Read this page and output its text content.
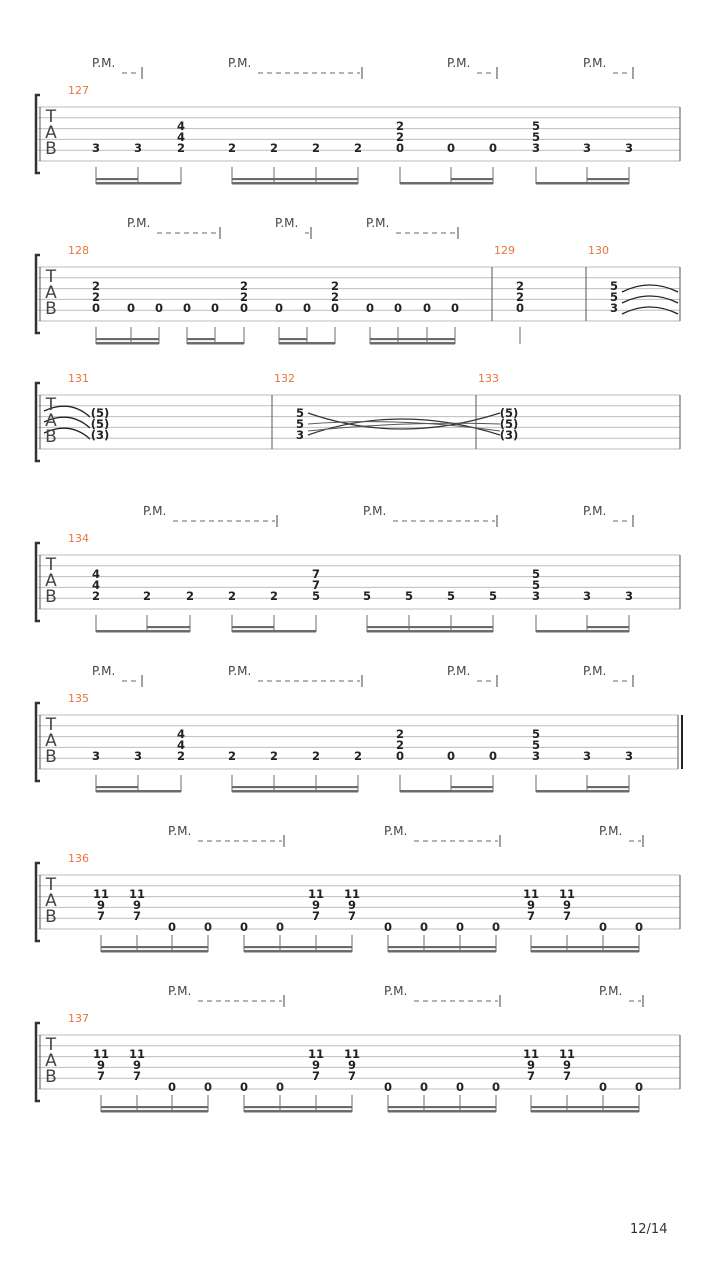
T
A
B
127
P.M.	P.M.	P.M.	P.M.
3	3
4
4
2	2	2	2	2
2
2
0	0	0
5
5
3	3	3
T
A
B
128	129	130
P.M.	P.M.	P.M.
2
2
0 0 0 0 0
2
2
0 0 0
2
2
0 0 0 0 0
2
2
0
5
5
3
T
A
B
131	132	133
(5)
(5)
(3)
5
5
3
(5)
(5)
(3)
T
A
B
134
P.M.	P.M.	P.M.
4
4
2	2	2	2	2
7
7
5	5	5	5	5
5
5
3	3	3
T
A
B
135
P.M.	P.M.	P.M.	P.M.
3	3
4
4
2	2	2	2	2
2
2
0	0	0
5
5
3	3	3
T
A
B
136
P.M.	P.M.	P.M.
11
9
7
11
9
7
0 0 0 0
11
9
7
11
9
7
0 0 0 0
11
9
7
11
9
7
0 0
T
A
B
137
P.M.	P.M.	P.M.
11
9
7
11
9
7
0 0 0 0
11
9
7
11
9
7
0 0 0 0
11
9
7
11
9
7
0 0
12/14
